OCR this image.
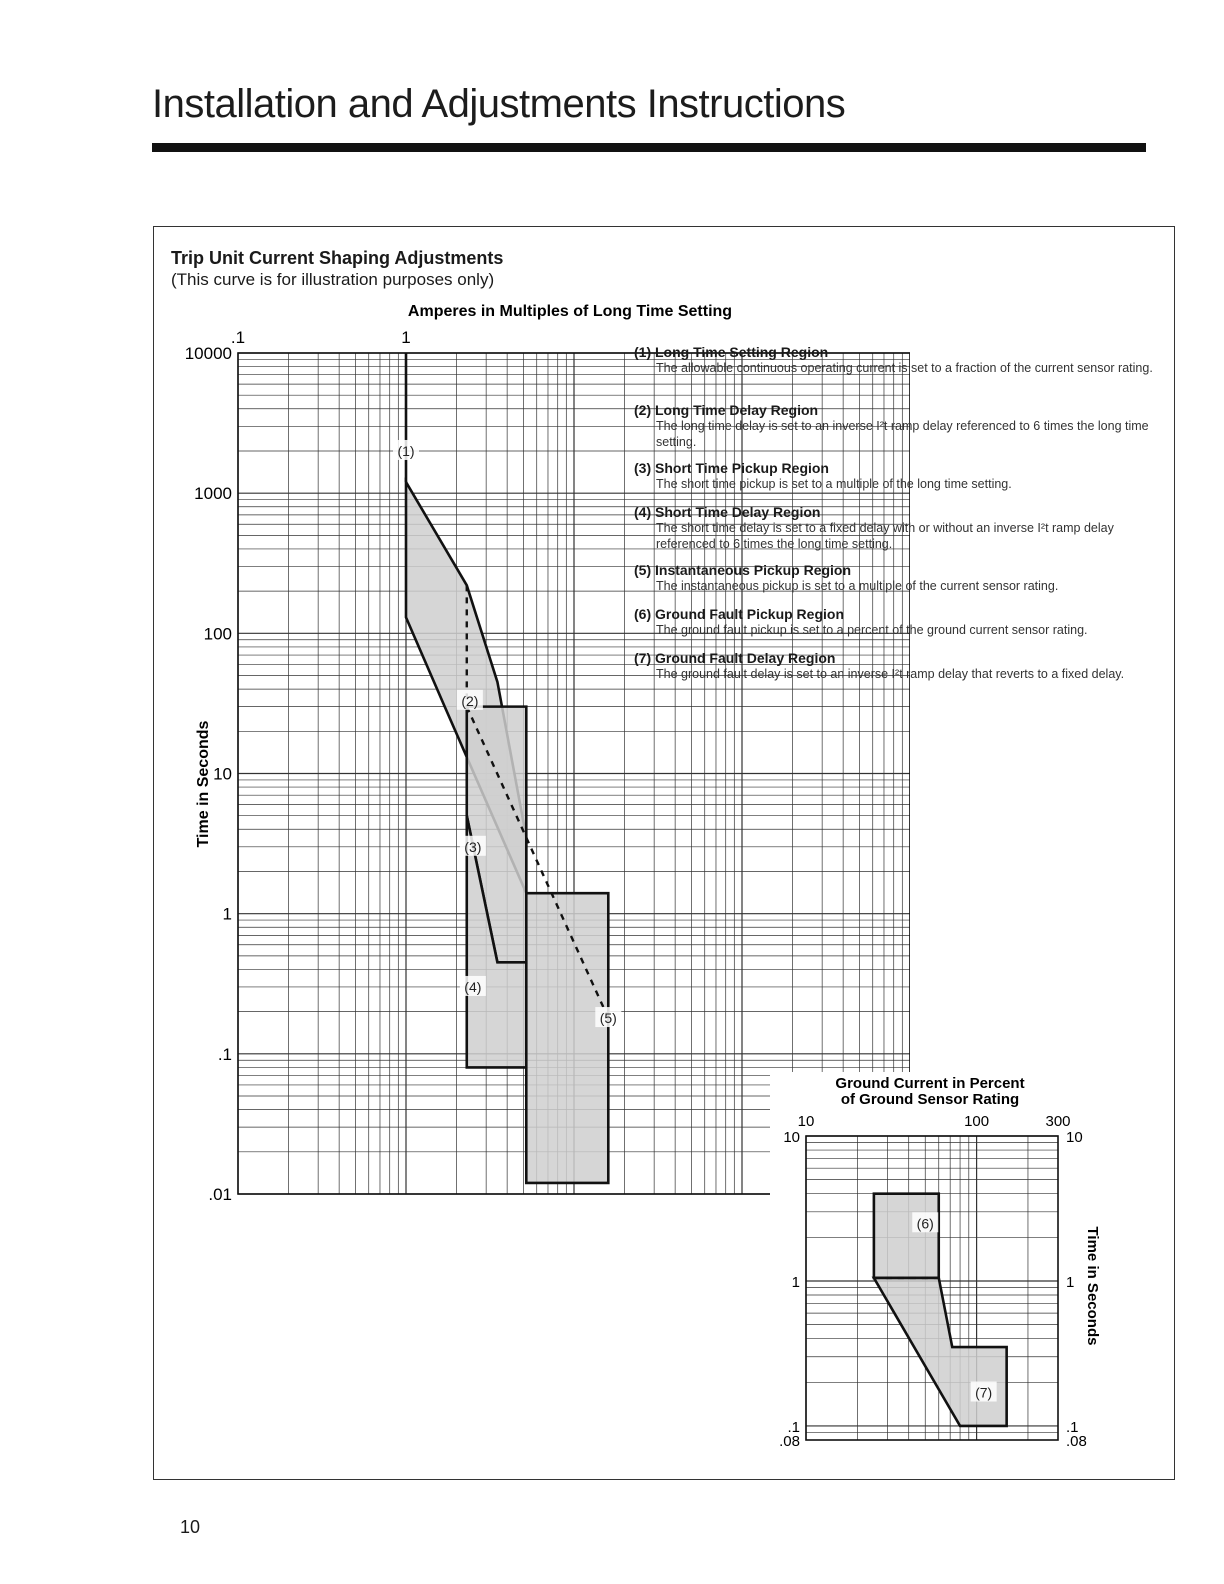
Installation and Adjustments Instructions
Trip Unit Current Shaping Adjustments
(This curve is for illustration purposes only)
Amperes in Multiples of Long Time Setting
Time in Seconds
(1)
(2)
(3)
(4)
(5)
.1	1
10000
1000
100
10
1
.1
.01
Ground Current in Percent
of Ground Sensor Rating
Time in Seconds
(6)
(7)
10	100	300
10
1
.1
.08
10
1
.1
.08
(1) Long Time Setting Region
The allowable continuous operating current is set to a fraction of the current sensor rating.
(2) Long Time Delay Region
The long time delay is set to an inverse I²t ramp delay referenced to 6 times the long time setting.
(3) Short Time Pickup Region
The short time pickup is set to a multiple of the long time setting.
(4) Short Time Delay Region
The short time delay is set to a fixed delay with or without an inverse I²t ramp delay referenced to 6 times the long time setting.
(5) Instantaneous Pickup Region
The instantaneous pickup is set to a multiple of the current sensor rating.
(6) Ground Fault Pickup Region
The ground fault pickup is set to a percent of the ground current sensor rating.
(7) Ground Fault Delay Region
The ground fault delay is set to an inverse I²t ramp delay that reverts to a fixed delay.
10
